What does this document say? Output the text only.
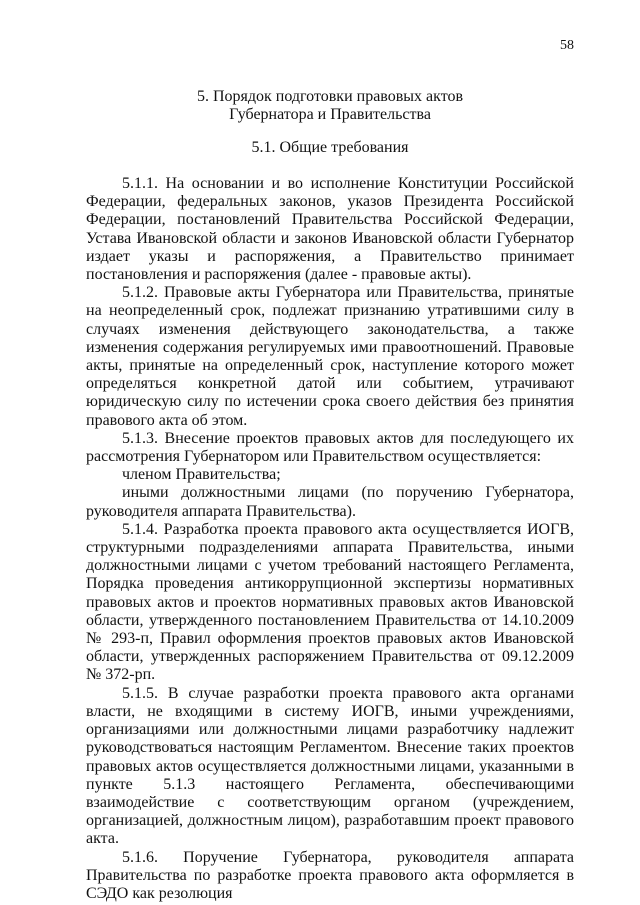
58
5. Порядок подготовки правовых актов
Губернатора и Правительства
5.1. Общие требования

5.1.1. На основании и во исполнение Конституции Российской Федерации, федеральных законов, указов Президента Российской Федерации, постановлений Правительства Российской Федерации, Устава Ивановской области и законов Ивановской области Губернатор издает указы и распоряжения, а Правительство принимает постановления и распоряжения (далее - правовые акты).

5.1.2. Правовые акты Губернатора или Правительства, принятые на неопределенный срок, подлежат признанию утратившими силу в случаях изменения действующего законодательства, а также изменения содержания регулируемых ими правоотношений. Правовые акты, принятые на определенный срок, наступление которого может определяться конкретной датой или событием, утрачивают юридическую силу по истечении срока своего действия без принятия правового акта об этом.

5.1.3. Внесение проектов правовых актов для последующего их рассмотрения Губернатором или Правительством осуществляется:

членом Правительства;

иными должностными лицами (по поручению Губернатора, руководителя аппарата Правительства).

5.1.4. Разработка проекта правового акта осуществляется ИОГВ, структурными подразделениями аппарата Правительства, иными должностными лицами с учетом требований настоящего Регламента, Порядка проведения антикоррупционной экспертизы нормативных правовых актов и проектов нормативных правовых актов Ивановской области, утвержденного постановлением Правительства от 14.10.2009 № 293-п, Правил оформления проектов правовых актов Ивановской области, утвержденных распоряжением Правительства от 09.12.2009 № 372-рп.

5.1.5. В случае разработки проекта правового акта органами власти, не входящими в систему ИОГВ, иными учреждениями, организациями или должностными лицами разработчику надлежит руководствоваться настоящим Регламентом. Внесение таких проектов правовых актов осуществляется должностными лицами, указанными в пункте 5.1.3 настоящего Регламента, обеспечивающими взаимодействие с соответствующим органом (учреждением, организацией, должностным лицом), разработавшим проект правового акта.

5.1.6. Поручение Губернатора, руководителя аппарата Правительства по разработке проекта правового акта оформляется в СЭДО как резолюция
